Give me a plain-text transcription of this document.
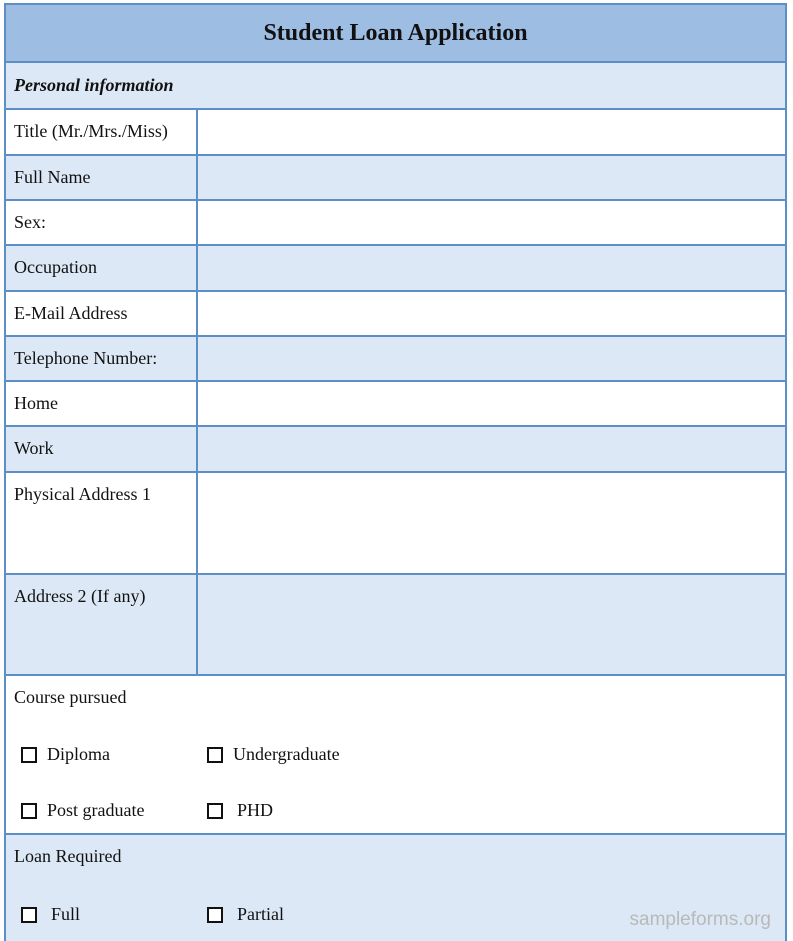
Student Loan Application
Personal information
Title (Mr./Mrs./Miss)
Full Name
Sex:
Occupation
E-Mail Address
Telephone Number:
Home
Work
Physical Address 1
Address 2 (If any)
Course pursued
Diploma	Undergraduate
Post graduate	PHD
Loan Required
Full	Partial	sampleforms.org
